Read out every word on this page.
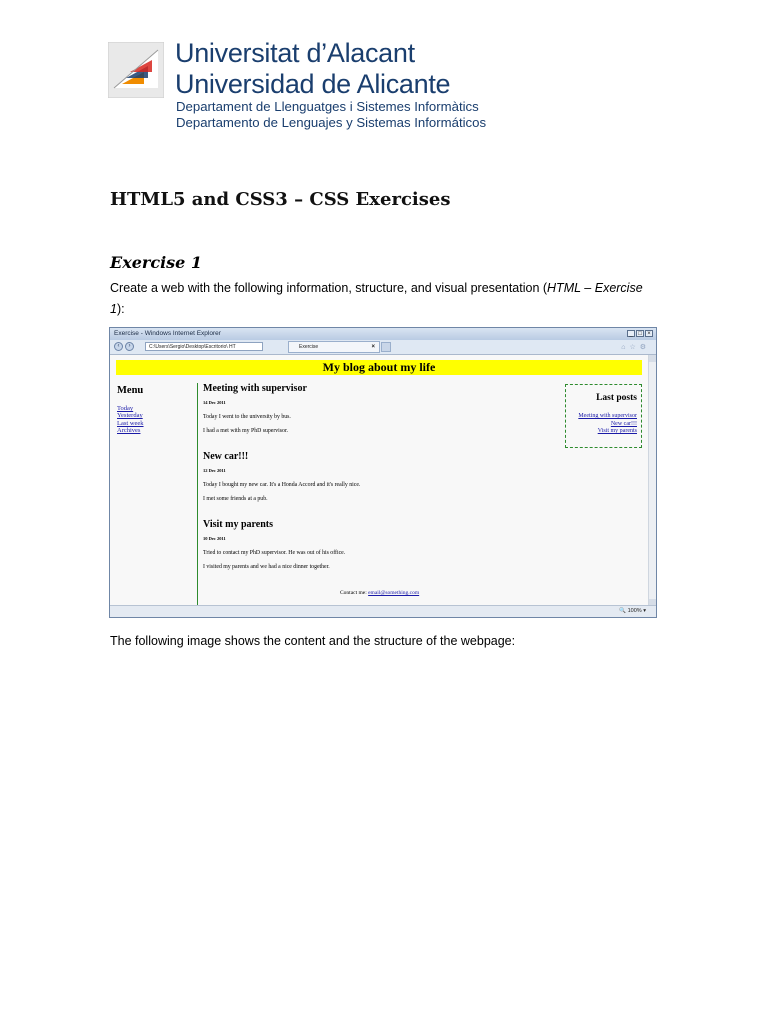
Universitat d’Alacant
Universidad de Alicante
Departament de Llenguatges i Sistemes Informàtics
Departamento de Lenguajes y Sistemas Informáticos
HTML5 and CSS3 – CSS Exercises
Exercise 1

Create a web with the following information, structure, and visual presentation (HTML – Exercise 1):

Exercise - Windows Internet Explorer	_ □ ×
‹	›	C:\Users\Sergio\Desktop\Escritorio\ HT	Exercise	×	⌂☆⚙
My blog about my life
Menu
Today
Yesterday
Last week
Archives
Meeting with supervisor
14 Dec 2011

Today I went to the university by bus.

I had a met with my PhD supervisor.

New car!!!
12 Dec 2011

Today I bought my new car. It's a Honda Accord and it's really nice.

I met some friends at a pub.

Visit my parents
10 Dec 2011

Tried to contact my PhD supervisor. He was out of his office.

I visited my parents and we had a nice dinner together.

Last posts
Meeting with supervisor
New car!!!
Visit my parents
Contact me: email@something.com
🔍 100% ▾

The following image shows the content and the structure of the webpage:
